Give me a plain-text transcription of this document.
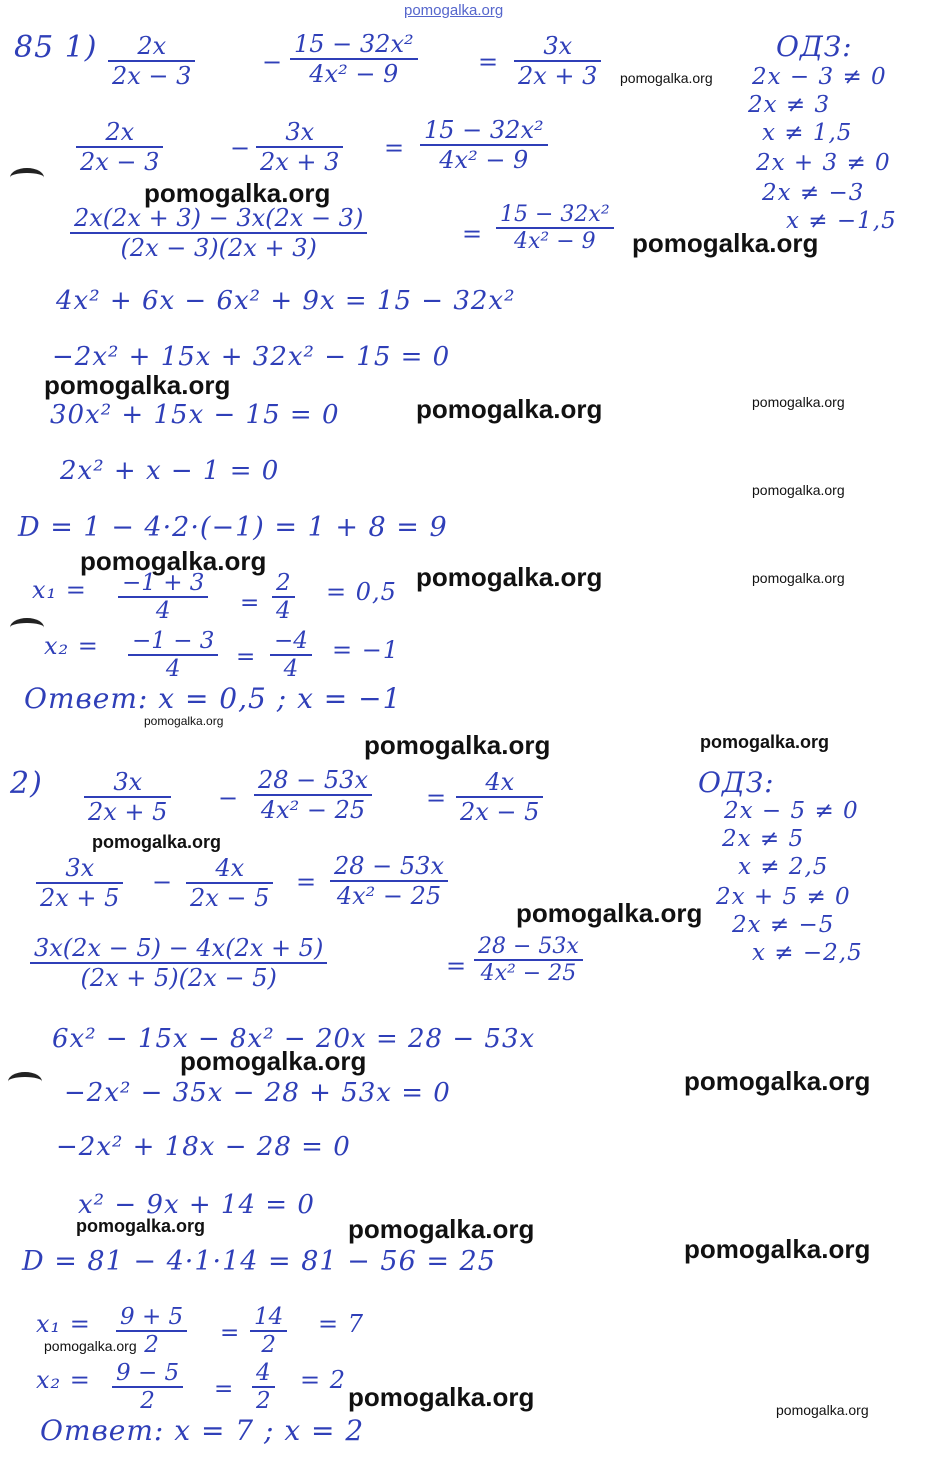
pomogalka.org
85 1)	2x
2x − 3	−
15 − 32x²
4x² − 9	=
3x
2x + 3
ОДЗ:
2x − 3 ≠ 0
2x ≠ 3
x ≠ 1,5
2x + 3 ≠ 0
2x ≠ −3
x ≠ −1,5
2x
2x − 3	−
3x
2x + 3 =
15 − 32x²
4x² − 9
2x(2x + 3) − 3x(2x − 3)
(2x − 3)(2x + 3)	=
15 − 32x²
4x² − 9
4x² + 6x − 6x² + 9x = 15 − 32x²
−2x² + 15x + 32x² − 15 = 0
30x² + 15x − 15 = 0
2x² + x − 1 = 0
D = 1 − 4·2·(−1) = 1 + 8 = 9
x₁ = −1 + 3
4	=
2
4
= 0,5
x₂ = −1 − 3
4	=
−4
4
= −1
Ответ: x = 0,5 ; x = −1
2)	3x
2x + 5 −
28 − 53x
4x² − 25	=
4x
2x − 5
ОДЗ:
2x − 5 ≠ 0
2x ≠ 5
x ≠ 2,5
2x + 5 ≠ 0
2x ≠ −5
x ≠ −2,5
3x
2x + 5
−	4x
2x − 5
=
28 − 53x
4x² − 25
3x(2x − 5) − 4x(2x + 5)
(2x + 5)(2x − 5)	=
28 − 53x
4x² − 25
6x² − 15x − 8x² − 20x = 28 − 53x
−2x² − 35x − 28 + 53x = 0
−2x² + 18x − 28 = 0
x² − 9x + 14 = 0
D = 81 − 4·1·14 = 81 − 56 = 25
x₁ = 9 + 5
2	=
14
2
= 7
x₂ = 9 − 5
2	=
4
2
= 2
Ответ: x = 7 ; x = 2
pomogalka.org
pomogalka.org
pomogalka.org
pomogalka.org
pomogalka.org	pomogalka.org
pomogalka.org
pomogalka.org
pomogalka.org	pomogalka.org
pomogalka.org
pomogalka.org	pomogalka.org
pomogalka.org
pomogalka.org
pomogalka.org
pomogalka.org
pomogalka.org	pomogalka.org
pomogalka.org
pomogalka.org
pomogalka.org	pomogalka.org
